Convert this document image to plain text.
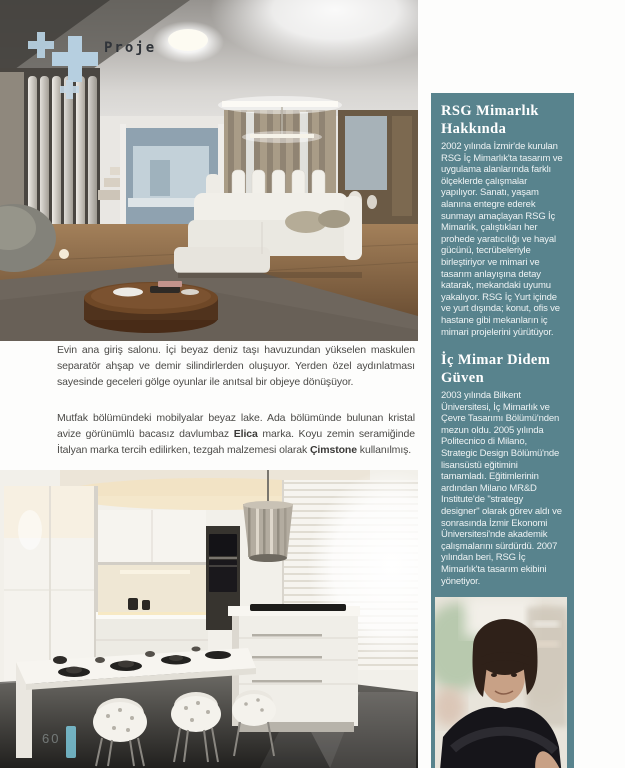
Proje

Evin ana giriş salonu. İçi beyaz deniz taşı havuzundan yükselen maskulen separatör ahşap ve demir silindirlerden oluşuyor. Yerden özel aydınlatması sayesinde geceleri gölge oyunlar ile anıtsal bir objeye dönüşüyor.

Mutfak bölümündeki mobilyalar beyaz lake. Ada bölümünde bulunan kristal avize görünümlü bacasız davlumbaz Elica marka. Koyu zemin seramiğinde İtalyan marka tercih edilirken, tezgah malzemesi olarak Çimstone kullanılmış.

60
RSG Mimarlık Hakkında

2002 yılında İzmir'de kurulan RSG İç Mimarlık'ta tasarım ve uygulama alanlarında farklı ölçeklerde çalışmalar yapılıyor. Sanatı, yaşam alanına entegre ederek sunmayı amaçlayan RSG İç Mimarlık, çalıştıkları her prohede yaratıcılığı ve hayal gücünü, tecrübeleriyle birleştiriyor ve mimari ve tasarım anlayışına detay katarak, mekandaki uyumu yakalıyor. RSG İç Yurt içinde ve yurt dışında; konut, ofis ve hastane gibi mekanların iç mimari projelerini yürütüyor.

İç Mimar Didem Güven

2003 yılında Bilkent Üniversitesi, İç Mimarlık ve Çevre Tasarımı Bölümü'nden mezun oldu. 2005 yılında Politecnico di Milano, Strategic Design Bölümü'nde lisansüstü eğitimini tamamladı. Eğitimlerinin ardından Milano MR&D Institute'de "strategy designer" olarak görev aldı ve sonrasında İzmir Ekonomi Üniversitesi'nde akademik çalışmalarını sürdürdü. 2007 yılından beri, RSG İç Mimarlık'ta tasarım ekibini yönetiyor.
